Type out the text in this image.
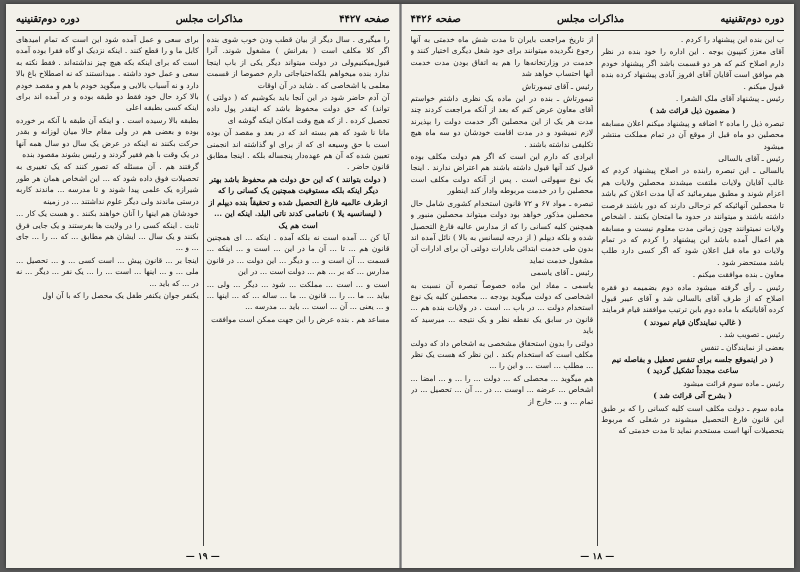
صفحه ۴۴۲۷
مذاکرات مجلس
دوره دوم‌تقنینیه

را میگیری . سال دیگر از بیان قطب‌ ودن خوب شوی بنده اگر کلا مکلف است ( بقرانش ) مشغول شوند. آنرا قبول‌میکنیم‌ولی در دولت میتواند دیگر یکی از باب اینجا‌ ندارد بنده میخواهم بلکه‌احتیاجاتی دارم خصوصا از قسمت معلمی یا اشخاصی که . شاید در آن اوقات

آن آدم حاضر شود در این آنجا باید بکوشیم که ( دولتی ) تواند) که حق دولت محفوظ باشد که اینقدر پول داده تحصیل کرده . از که هیچ وقت امکان اینکه گوشه ای

مانا نا شود که هم بسته اند که در بعد و مقصد آن بوده است با حق وسیعه ای که از برای او گذاشته اند انجمنی تعیین شده که آن هم عهده‌دار پنجساله بلکه . اینجا مطابق قانون حاضر .

( دولت بتوانند ) که این حق دولت هم محفوظ باشد بهتر دیگر اینکه بلکه مستوفیت همچنین یک کسانی را که ازطرف عالمیه فارغ التحصیل شده و تحقیقاً بنده دیپلم از ( لیسانسیه یلا ) ناتمامی کدند ناتی البلد. اینکه این ... است هم یک

آیا کن ... آمده است نه بلکه آمده . اینکه ... ای همچنین قانون هم ... تا ... آن ما در این ... است و ... اینکه ... قسمت ... آن است و ... و دیگر ... این دولت ... در قانون مدارس ... که بر ... هم ... دولت است ... در این

است و ... است ... مملکت ... شود ... دیگر ... ولی ... بیاید ... ما ... را ... قانون ... ما ... ساله ... که ... اینها ... و ... یعنی ... آن ... است ... باید ... مدرسه ...

مساعد هم . بنده عرض را این جهت ممکن است موافقت

برای سعی و عمل آمده شود این است که تمام امیدهای کابل ما و را قطع کنند . اینکه نزدیک او گاه فقرا بوده آمده است که برای اینکه بکه هیچ چیز نداشته‌اند . فقط نکته به سعی و عمل خود داشته . میدانستند که نه اصطلاح باغ بالا دارد و نه آسیاب بالایی و میگوید خودم با هم و مقصد خودم بالا کرد حال خود فقط دو طبقه بوده و در آمده اند برای اینکه کسی بطبقه‌ اعلی

بطبقه بالا رسیده است . و اینکه آن طبقه با آنکه بر خورده بوده و بعضی هم در ولی مقام حالا میان لوزانه و بقدر حرکت بکنند نه اینکه در عرض یک سال دو سال همه آنها در یک وقت با هم فقیر گردند و رئیس بشوند مقصود بنده

گرفتند هم . آن مسئله که تصور کنند که یک تغییری به تحصیلات فوق داده شود که ... این اشخاص همان هر طور شیرازه یک علمی پیدا شوند و تا مدرسه ... ماندند کاربه درستی ماندند ولی دیگر علوم نداشتند ... در زمینه

خودشان هم اینها را آنان خواهند بکنند . و هست یک کار ... ثابت . اینکه کسی را در ولایت ها بفرستند و یک جایی فرق بکنند و یک سال ... ایشان هم مطابق ... که ... را ... جای ... و ...

اینجا بر ... قانون پیش ... است کسی ... و ... تحصیل ... ملی ... و ... اینها ... است ... را ... یک نفر ... دیگر ... نه در ... که باید ...

یکنفر جوان یکنفر طفل یک محصل را که با آن اول

— ۱۹ —
دوره دوم‌تقنینیه
مذاکرات مجلس
صفحه ۴۴۲۶

ب این بنده این پیشنهاد را کردم .

آقای معزز کنپیون بوجه . این اداره را خود بنده در نظر دارم اصلاح کنم که هر دو قسمت باشد اگر پیشنهاد خودم هم موافق است آقایان آقای افروز آبادی پیشنهاد کرده بنده قبول میکنم .

رئیس ـ پیشنهاد آقای ملک الشعرا .

( مضمون ذیل قرائت شد )

تبصره ذیل را ماده ۲ اضافه و پیشنهاد میکنم اعلان مسابقه محصلین دو ماه قبل از موقع آن در تمام مملکت منتشر میشود

رئیس ـ آقای بالسالی

بالسالی ـ این تبصره رابنده در اصلاح پیشنهاد کردم که غالب آقایان ولایات ملتفت میشدند محصلین ولایات هم اعزام شوند و مطبق میفرمائید که آیا مدت اعلان کم باشد تا محصلین آنهائیکه کم ترحالی دارند که دور باشند فرصت داشته باشند و میتوانند در حدود ما امتحان بکنند . اشخاص ولایات نمیتوانند چون زمانی مدت معلوم نیست و مسابقه هم اعمال آمده باشد این پیشنهاد را کردم که در تمام ولایات دو ماه قبل اعلان شود که اگر کسی دارد طلب باشد مستحضر شود .

معاون ـ بنده موافقت میکنم .

رئیس ـ رأی گرفته میشود ماده دوم بضمیمه دو فقره اصلاح که از طرف آقای بالسالی شد و آقای عیبر قبول کرده آقایانیکه با ماده دوم بابن ترتیب موافقند قیام فرمایند

( غالب نمایندگان قیام نمودند )

رئیس ـ تصویب شد .

بعضی از نمایندگان ـ تنفس

( در اینموقع جلسه برای تنفس تعطیل و بفاصله نیم ساعت مجدداً تشکیل گردید )

رئیس ـ ماده سوم قرائت میشود

( بشرح آتی قرائت شد )

ماده سوم ـ دولت مکلف است کلیه کسانی را که بر طبق این قانون فارغ التحصیل میشوند در شغلی که مربوط بتحصیلات آنها است مستخدم نماید تا مدت خدمتی که

از تاریخ مراجعت بایران تا مدت شش ماه خدمتی به آنها رجوع نگردیده میتوانند برای خود شغل دیگری اختیار کنند و خدمت در وزارتخانه‌ها را هم به اتفاق بودن مدت خدمت آنها احتساب خواهد شد

رئیس ـ آقای تیمورتاش

تیمورتاش ـ بنده در این ماده یک نظری داشتم خواستم آقای معاون عرض کنم که بعد از آنکه مراجعت کردند چند مدت هر یک از این محصلین اگر خدمت دولت را بپذیرند لازم نمیشود و در مدت اقامت خودشان دو سه ماه هیچ تکلیفی نداشته باشند .

ایرادی که دارم این است که اگر هم دولت مکلف بوده قبول کند آنها قبول داشته باشند هم اعتراض ندارند . اینجا یک نوع سهولتی است . پس از آنکه دولت مکلف است محصلین را در خدمت مربوطه وادار کند اینطور

تبصره ـ مواد ۶۷ و ۷۲ قانون استخدام کشوری شامل حال محصلین مذکور خواهد بود دولت میتواند محصلین منبور و همچنین کلیه کسانی را که از مدارس عالیه فارغ التحصیل شده و بلکه دیپلم ( از درجه لیسانس به بالا ) نائل آمده اند بدون طی خدمت ابتدائی بادارات دولتی آن برای ادارات آن مشغول خدمت نماید

رئیس ـ آقای یاسمی

یاسمی ـ مفاد این ماده خصوصاً تبصره آن نسبت به اشخاصی که دولت میگوید بودجه ... محصلین کلیه یک نوع استخدام دولت ... در باب ... است . در ولایات بنده هم ... قانون در سابق یک نقطه نظر و یک نتیجه ... میرسید که باید

دولتی را بدون استحقاق مشخصی به اشخاص داد که دولت مکلف است که استخدام بکند . این نظر که هست یک نظر ... مطلب ... است ... و این را ...

هم میگوید ... محصلی که ... دولت ... را ... و ... امضا ... اشخاص ... عرضه ... اوست ... در ... آن ... تحصیل ... در تمام ... و ... خارج از

— ۱۸ —
